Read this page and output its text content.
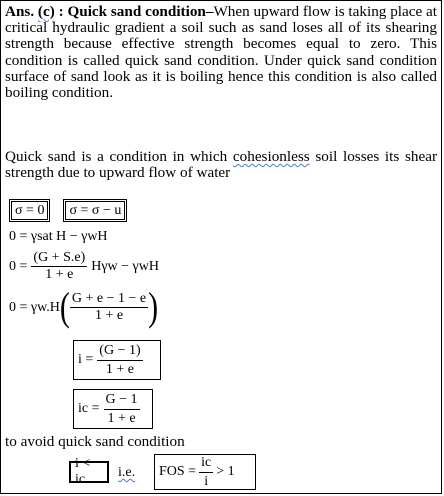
Ans. (c) : Quick sand condition–When upward flow is taking place at critical hydraulic gradient a soil such as sand loses all of its shearing strength because effective strength becomes equal to zero. This condition is called quick sand condition. Under quick sand condition surface of sand look as it is boiling hence this condition is also called boiling condition.
Quick sand is a condition in which cohesionless soil losses its shear strength due to upward flow of water
σ = 0 σ = σ − u
0 = γsat H − γwH
$0 = \frac{(G + S.e)}{1 + e}$ Hγw − γwH
0 = γw.H ( $\frac{G + e - 1 - e}{1 + e}$ )
$i = \frac{(G - 1)}{1 + e}$
ic = $\frac{G - 1}{1 + e}$
to avoid quick sand condition
i < ic	i.e. FOS = $\frac{ic}{i} > 1$
